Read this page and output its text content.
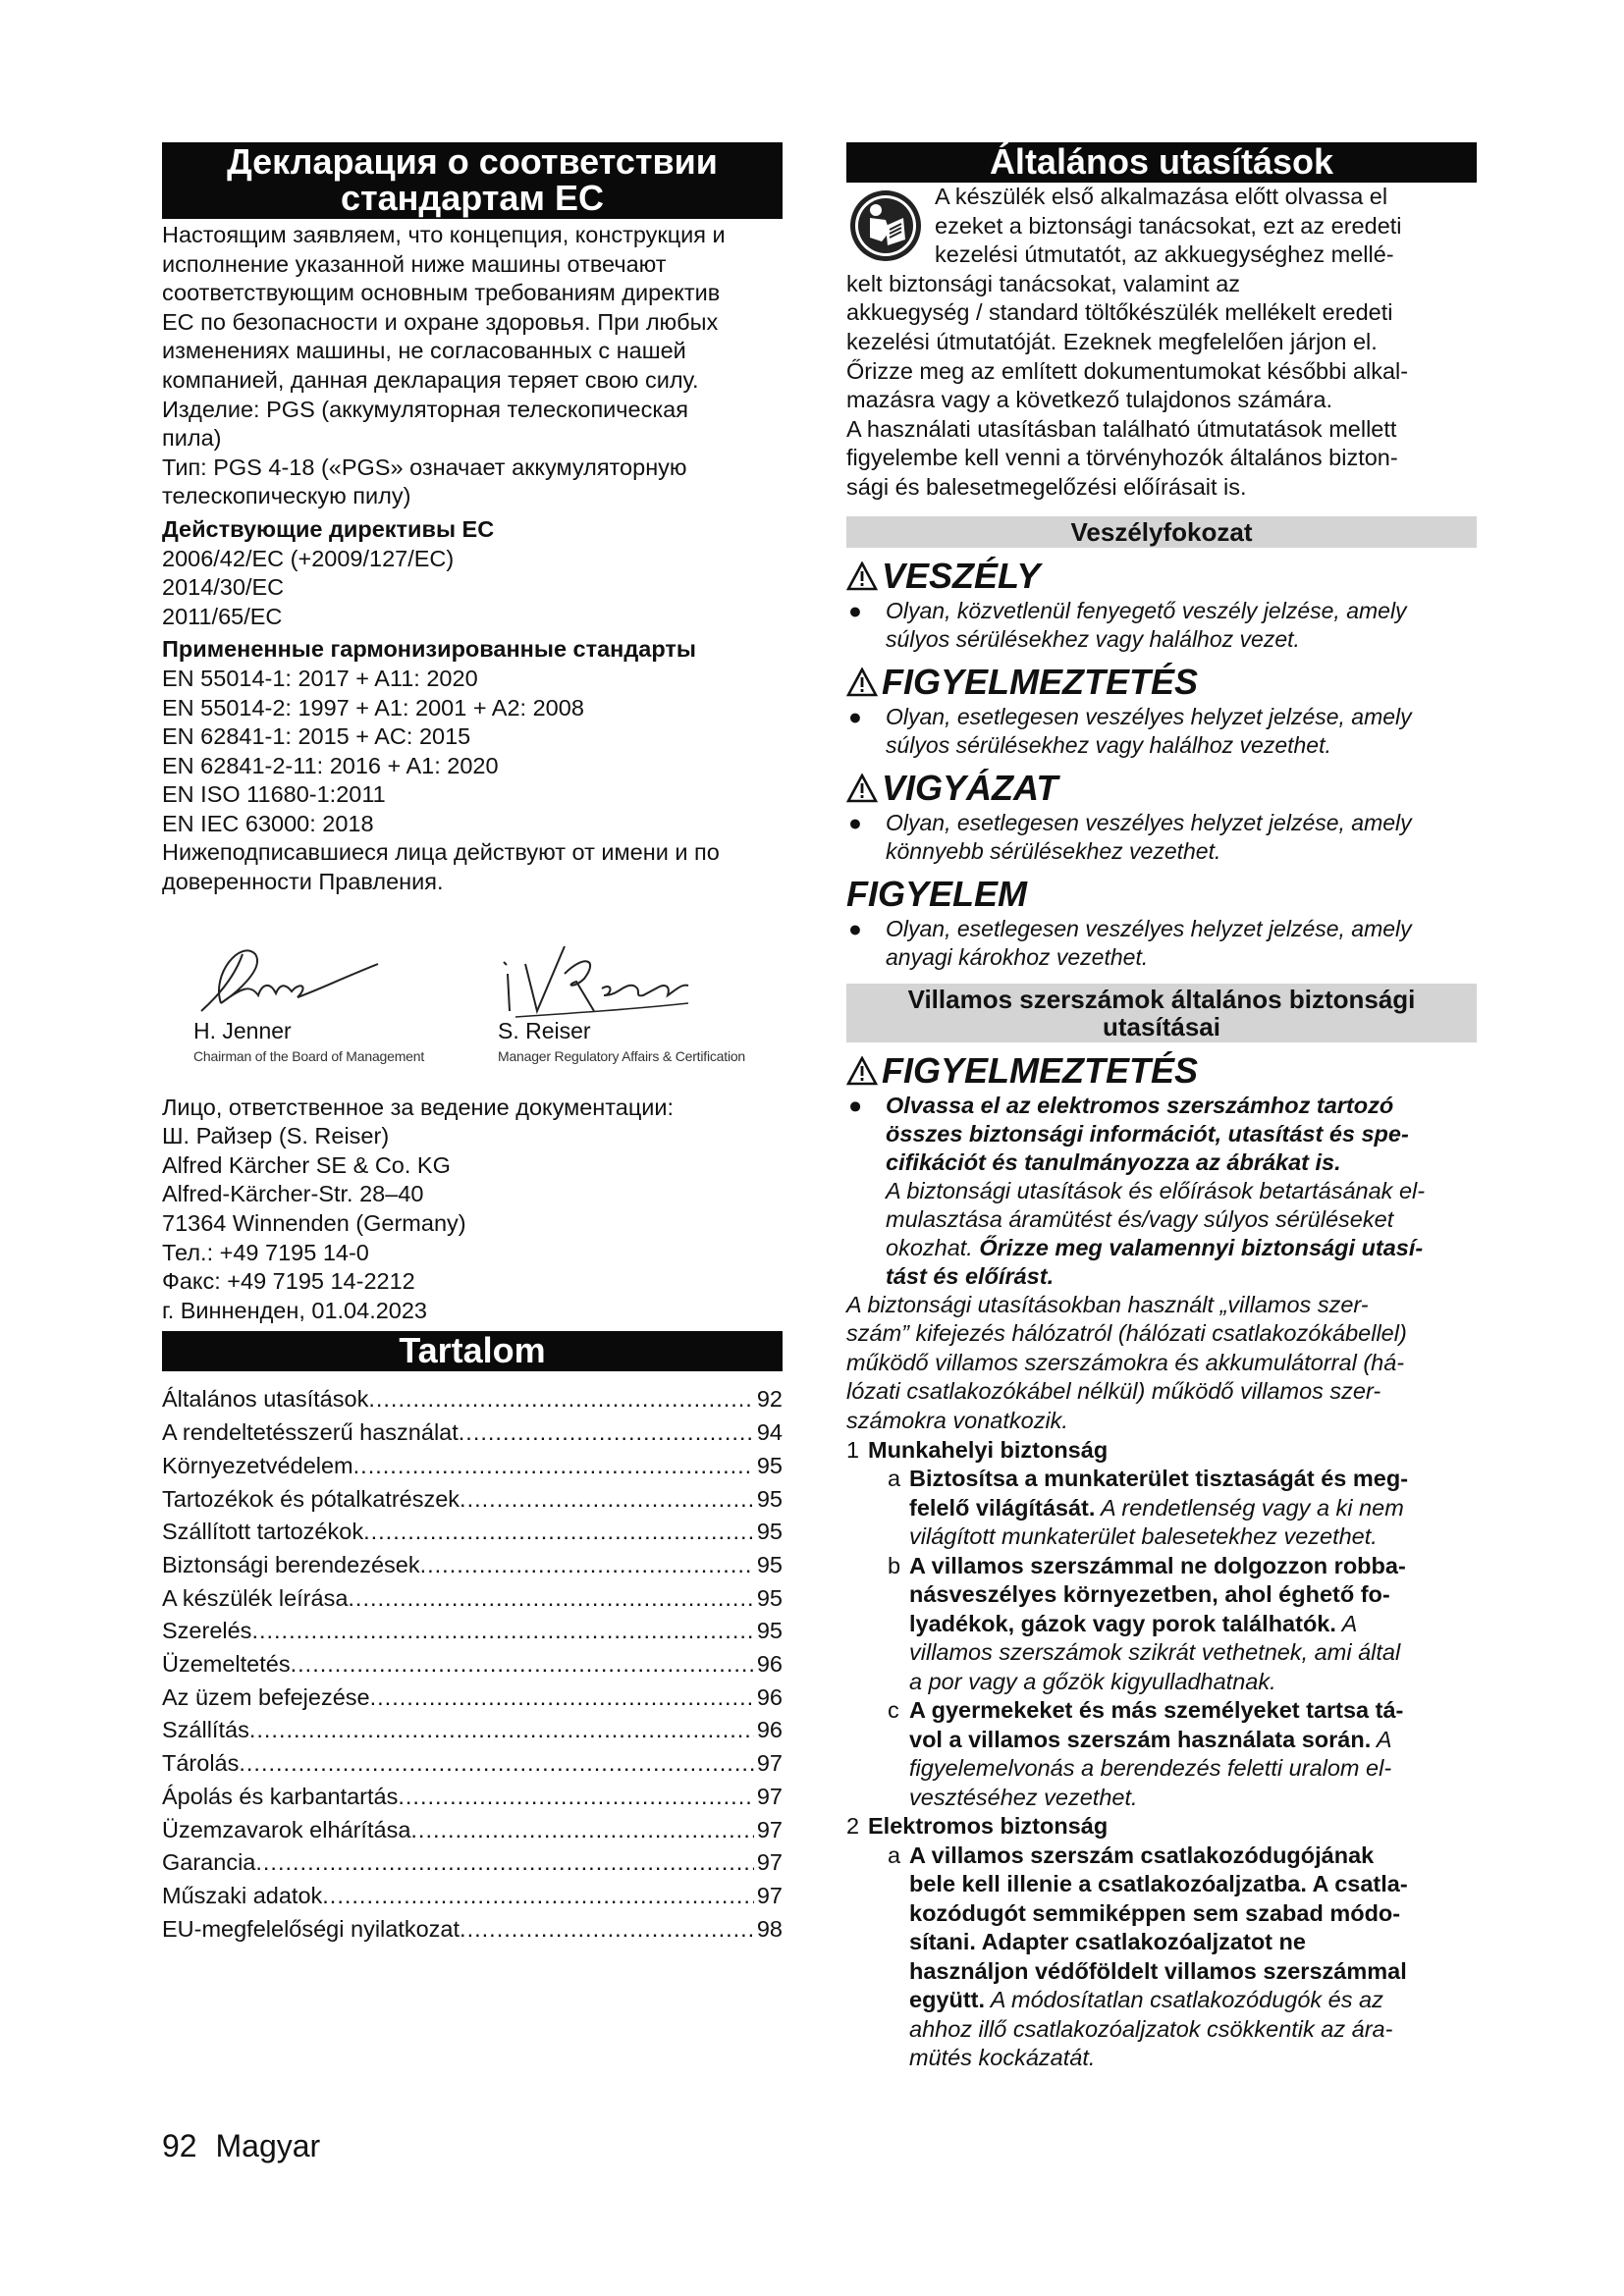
Декларация о соответствии
стандартам ЕС
Настоящим заявляем, что концепция, конструкция и
исполнение указанной ниже машины отвечают
соответствующим основным требованиям директив
ЕС по безопасности и охране здоровья. При любых
изменениях машины, не согласованных с нашей
компанией, данная декларация теряет свою силу.
Изделие: PGS (аккумуляторная телескопическая
пила)
Тип: PGS 4-18 («PGS» означает аккумуляторную
телескопическую пилу)
Действующие директивы ЕС
2006/42/EC (+2009/127/EC)
2014/30/EC
2011/65/EC
Примененные гармонизированные стандарты
EN 55014-1: 2017 + A11: 2020
EN 55014-2: 1997 + A1: 2001 + A2: 2008
EN 62841-1: 2015 + AC: 2015
EN 62841-2-11: 2016 + A1: 2020
EN ISO 11680-1:2011
EN IEC 63000: 2018
Нижеподписавшиеся лица действуют от имени и по
доверенности Правления.
H. Jenner
Chairman of the Board of Management
S. Reiser
Manager Regulatory Affairs & Certification
Лицо, ответственное за ведение документации:
Ш. Райзер (S. Reiser)
Alfred Kärcher SE & Co. KG
Alfred-Kärcher-Str. 28–40
71364 Winnenden (Germany)
Тел.: +49 7195 14-0
Факс: +49 7195 14-2212
г. Винненден, 01.04.2023
Tartalom
Általános utasítások .....	92
A rendeltetésszerű használat .....	94
Környezetvédelem .....	95
Tartozékok és pótalkatrészek .....	95
Szállított tartozékok .....	95
Biztonsági berendezések .....	95
A készülék leírása .....	95
Szerelés .....	95
Üzemeltetés .....	96
Az üzem befejezése .....	96
Szállítás .....	96
Tárolás .....	97
Ápolás és karbantartás .....	97
Üzemzavarok elhárítása .....	97
Garancia .....	97
Műszaki adatok .....	97
EU-megfelelőségi nyilatkozat .....	98
Általános utasítások
A készülék első alkalmazása előtt olvassa el
ezeket a biztonsági tanácsokat, ezt az eredeti
kezelési útmutatót, az akkuegységhez mellé-
kelt biztonsági tanácsokat, valamint az
akkuegység / standard töltőkészülék mellékelt eredeti
kezelési útmutatóját. Ezeknek megfelelően járjon el.
Őrizze meg az említett dokumentumokat későbbi alkal-
mazásra vagy a következő tulajdonos számára.
A használati utasításban található útmutatások mellett
figyelembe kell venni a törvényhozók általános bizton-
sági és balesetmegelőzési előírásait is.
Veszélyfokozat
VESZÉLY
●	Olyan, közvetlenül fenyegető veszély jelzése, amely
súlyos sérülésekhez vagy halálhoz vezet.
FIGYELMEZTETÉS
●	Olyan, esetlegesen veszélyes helyzet jelzése, amely
súlyos sérülésekhez vagy halálhoz vezethet.
VIGYÁZAT
●	Olyan, esetlegesen veszélyes helyzet jelzése, amely
könnyebb sérülésekhez vezethet.
FIGYELEM
●	Olyan, esetlegesen veszélyes helyzet jelzése, amely
anyagi károkhoz vezethet.
Villamos szerszámok általános biztonsági
utasításai
FIGYELMEZTETÉS
●	Olvassa el az elektromos szerszámhoz tartozó
összes biztonsági információt, utasítást és spe-
cifikációt és tanulmányozza az ábrákat is.
A biztonsági utasítások és előírások betartásának el-
mulasztása áramütést és/vagy súlyos sérüléseket
okozhat. Őrizze meg valamennyi biztonsági utasí-
tást és előírást.
A biztonsági utasításokban használt „villamos szer-
szám” kifejezés hálózatról (hálózati csatlakozókábellel)
működő villamos szerszámokra és akkumulátorral (há-
lózati csatlakozókábel nélkül) működő villamos szer-
számokra vonatkozik.
1 Munkahelyi biztonság
a Biztosítsa a munkaterület tisztaságát és meg-
felelő világítását. A rendetlenség vagy a ki nem
világított munkaterület balesetekhez vezethet.
b A villamos szerszámmal ne dolgozzon robba-
násveszélyes környezetben, ahol éghető fo-
lyadékok, gázok vagy porok találhatók. A
villamos szerszámok szikrát vethetnek, ami által
a por vagy a gőzök kigyulladhatnak.
c A gyermekeket és más személyeket tartsa tá-
vol a villamos szerszám használata során. A
figyelemelvonás a berendezés feletti uralom el-
vesztéséhez vezethet.
2 Elektromos biztonság
a A villamos szerszám csatlakozódugójának
bele kell illenie a csatlakozóaljzatba. A csatla-
kozódugót semmiképpen sem szabad módo-
sítani. Adapter csatlakozóaljzatot ne
használjon védőföldelt villamos szerszámmal
együtt. A módosítatlan csatlakozódugók és az
ahhoz illő csatlakozóaljzatok csökkentik az ára-
mütés kockázatát.
92 Magyar
